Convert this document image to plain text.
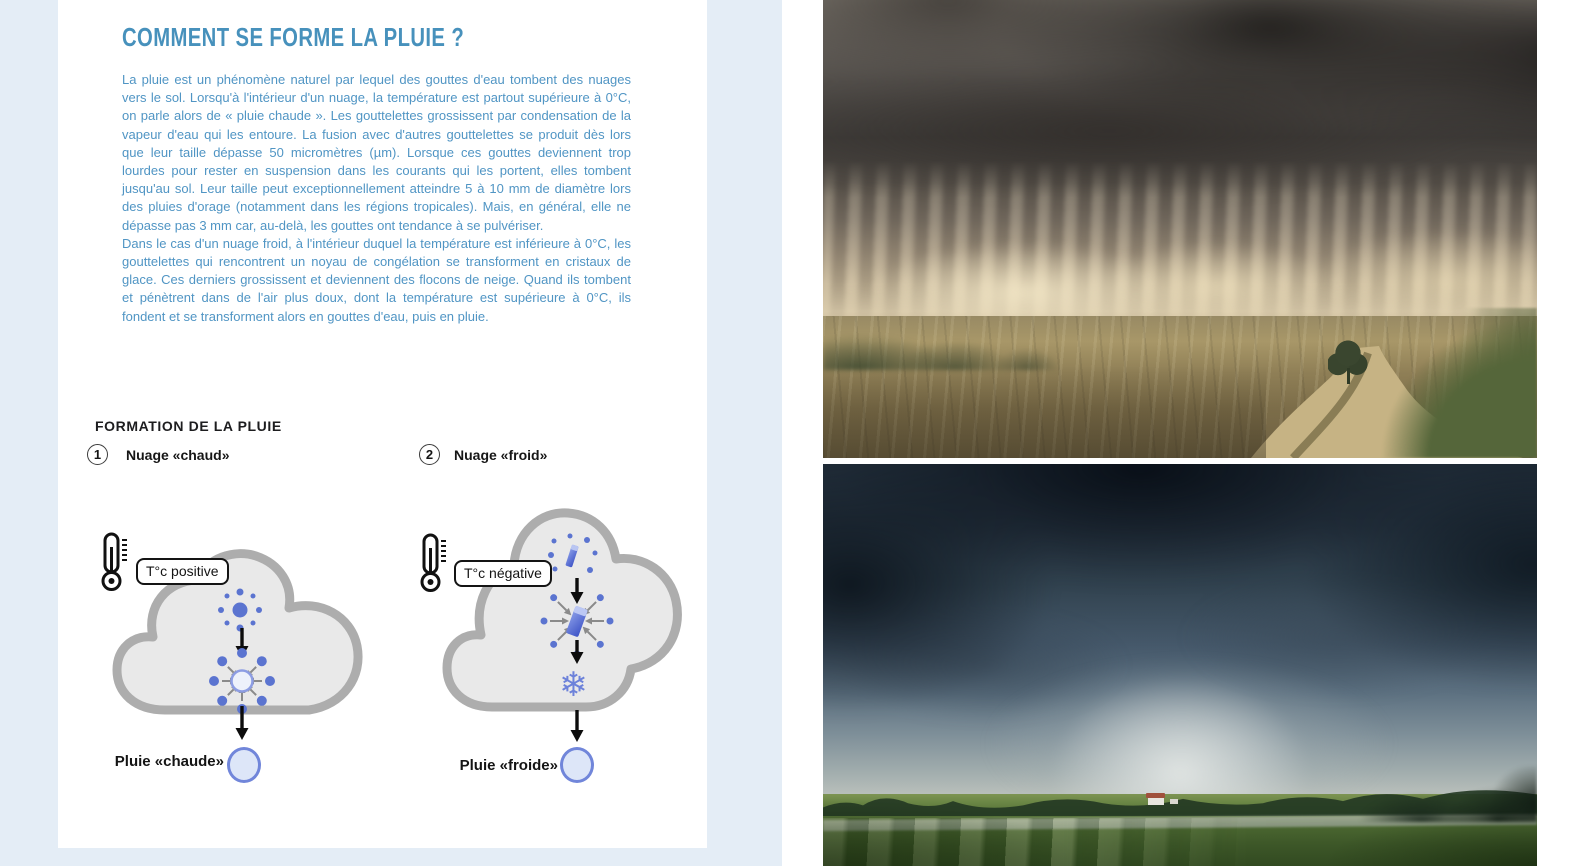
COMMENT SE FORME LA PLUIE ?

La pluie est un phénomène naturel par lequel des gouttes d'eau tombent des nuages vers le sol. Lorsqu'à l'intérieur d'un nuage, la température est partout supérieure à 0°C, on parle alors de « pluie chaude ». Les gouttelettes grossissent par condensation de la vapeur d'eau qui les entoure. La fusion avec d'autres gouttelettes se produit dès lors que leur taille dépasse 50 micromètres (µm). Lorsque ces gouttes deviennent trop lourdes pour rester en suspension dans les courants qui les portent, elles tombent jusqu'au sol. Leur taille peut exceptionnellement atteindre 5 à 10 mm de diamètre lors des pluies d'orage (notamment dans les régions tropicales). Mais, en général, elle ne dépasse pas 3 mm car, au-delà, les gouttes ont tendance à se pulvériser.

Dans le cas d'un nuage froid, à l'intérieur duquel la température est inférieure à 0°C, les gouttelettes qui rencontrent un noyau de congélation se transforment en cristaux de glace. Ces derniers grossissent et deviennent des flocons de neige. Quand ils tombent et pénètrent dans de l'air plus doux, dont la température est supérieure à 0°C, ils fondent et se transforment alors en gouttes d'eau, puis en pluie.

FORMATION DE LA PLUIE
1 Nuage «chaud»	2 Nuage «froid»
T°c positive
Pluie «chaude»
T°c négative
❄
Pluie «froide»
